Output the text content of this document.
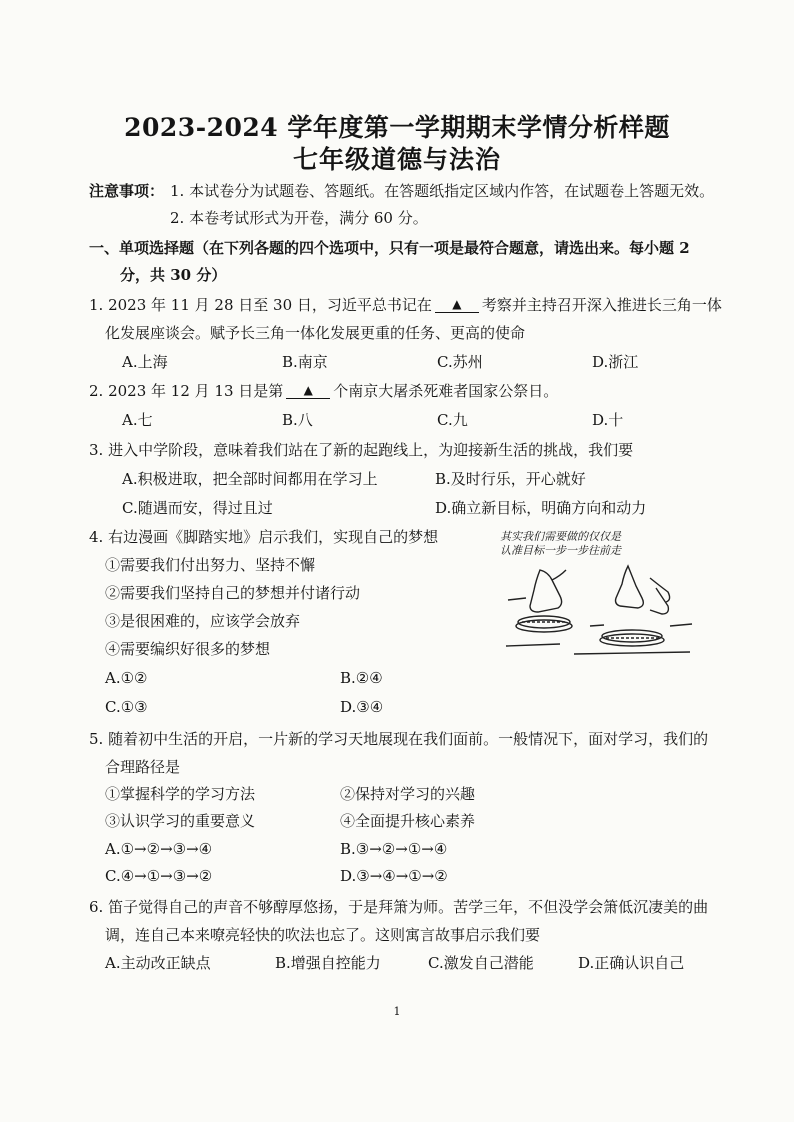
2023-2024 学年度第一学期期末学情分析样题
七年级道德与法治
注意事项： 1. 本试卷分为试题卷、答题纸。在答题纸指定区域内作答，在试题卷上答题无效。
2. 本卷考试形式为开卷，满分 60 分。
一、单项选择题（在下列各题的四个选项中，只有一项是最符合题意，请选出来。每小题 2
分，共 30 分）
1. 2023 年 11 月 28 日至 30 日，习近平总书记在 ▲ 考察并主持召开深入推进长三角一体
化发展座谈会。赋予长三角一体化发展更重的任务、更高的使命
A.上海	B.南京	C.苏州	D.浙江
2. 2023 年 12 月 13 日是第 ▲ 个南京大屠杀死难者国家公祭日。
A.七	B.八	C.九	D.十
3. 进入中学阶段，意味着我们站在了新的起跑线上，为迎接新生活的挑战，我们要
A.积极进取，把全部时间都用在学习上	B.及时行乐，开心就好
C.随遇而安，得过且过	D.确立新目标，明确方向和动力
4. 右边漫画《脚踏实地》启示我们，实现自己的梦想
①需要我们付出努力、坚持不懈
②需要我们坚持自己的梦想并付诸行动
③是很困难的，应该学会放弃
④需要编织好很多的梦想
A.①②	B.②④
C.①③	D.③④
其实我们需要做的仅仅是
认准目标一步一步往前走
5. 随着初中生活的开启，一片新的学习天地展现在我们面前。一般情况下，面对学习，我们的
合理路径是
①掌握科学的学习方法	②保持对学习的兴趣
③认识学习的重要意义	④全面提升核心素养
A.①→②→③→④	B.③→②→①→④
C.④→①→③→②	D.③→④→①→②
6. 笛子觉得自己的声音不够醇厚悠扬，于是拜箫为师。苦学三年，不但没学会箫低沉凄美的曲
调，连自己本来嘹亮轻快的吹法也忘了。这则寓言故事启示我们要
A.主动改正缺点	B.增强自控能力	C.激发自己潜能	D.正确认识自己
1
